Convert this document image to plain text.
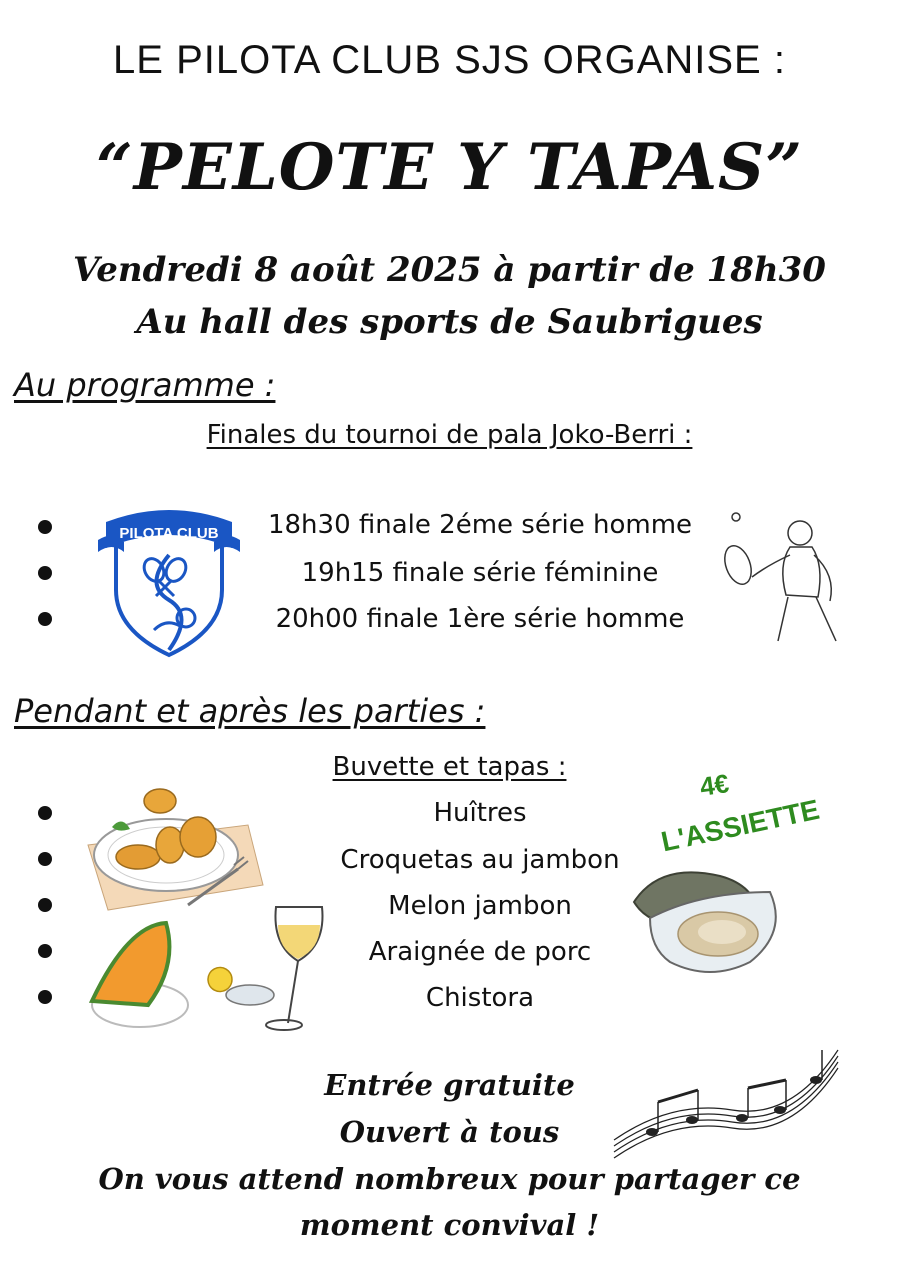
LE PILOTA CLUB SJS ORGANISE :
“PELOTE Y TAPAS”
Vendredi 8 août 2025 à partir de 18h30
Au hall des sports de Saubrigues
Au programme :
Finales du tournoi de pala Joko-Berri :
18h30 finale 2éme série homme
19h15 finale série féminine
20h00 finale 1ère série homme
PILOTA CLUB
Pendant et après les parties :
Buvette et tapas :
Huîtres
Croquetas au jambon
Melon jambon
Araignée de porc
Chistora
4€
L'ASSIETTE
Entrée gratuite
Ouvert à tous
On vous attend nombreux pour partager ce
moment convival !
